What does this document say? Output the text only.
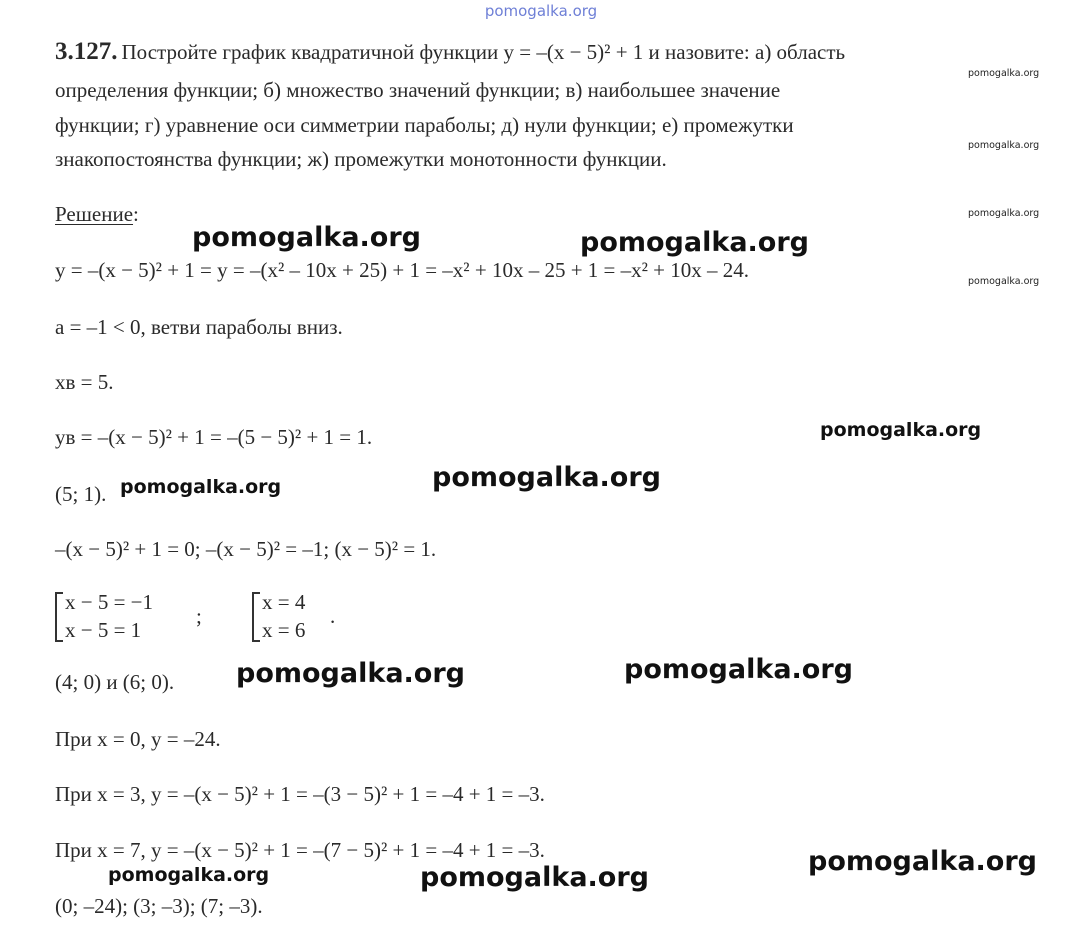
pomogalka.org
3.127. Постройте график квадратичной функции y = –(x − 5)² + 1 и назовите: а) область
определения функции; б) множество значений функции; в) наибольшее значение
функции; г) уравнение оси симметрии параболы; д) нули функции; е) промежутки
знакопостоянства функции; ж) промежутки монотонности функции.
Решение:
y = –(x − 5)² + 1 = y = –(x² – 10x + 25) + 1 = –x² + 10x – 25 + 1 = –x² + 10x – 24.
a = –1 < 0, ветви параболы вниз.
xв = 5.
yв = –(x − 5)² + 1 = –(5 − 5)² + 1 = 1.
(5; 1).
–(x − 5)² + 1 = 0; –(x − 5)² = –1; (x − 5)² = 1.
x − 5 = −1
x − 5 = 1
;
x = 4
x = 6
.
(4; 0) и (6; 0).
При x = 0, y = –24.
При x = 3, y = –(x − 5)² + 1 = –(3 − 5)² + 1 = –4 + 1 = –3.
При x = 7, y = –(x − 5)² + 1 = –(7 − 5)² + 1 = –4 + 1 = –3.
(0; –24); (3; –3); (7; –3).
pomogalka.org
pomogalka.org
pomogalka.org
pomogalka.org
pomogalka.org	pomogalka.org
pomogalka.org
pomogalka.org	pomogalka.org
pomogalka.org
pomogalka.org
pomogalka.org
pomogalka.org
pomogalka.org
